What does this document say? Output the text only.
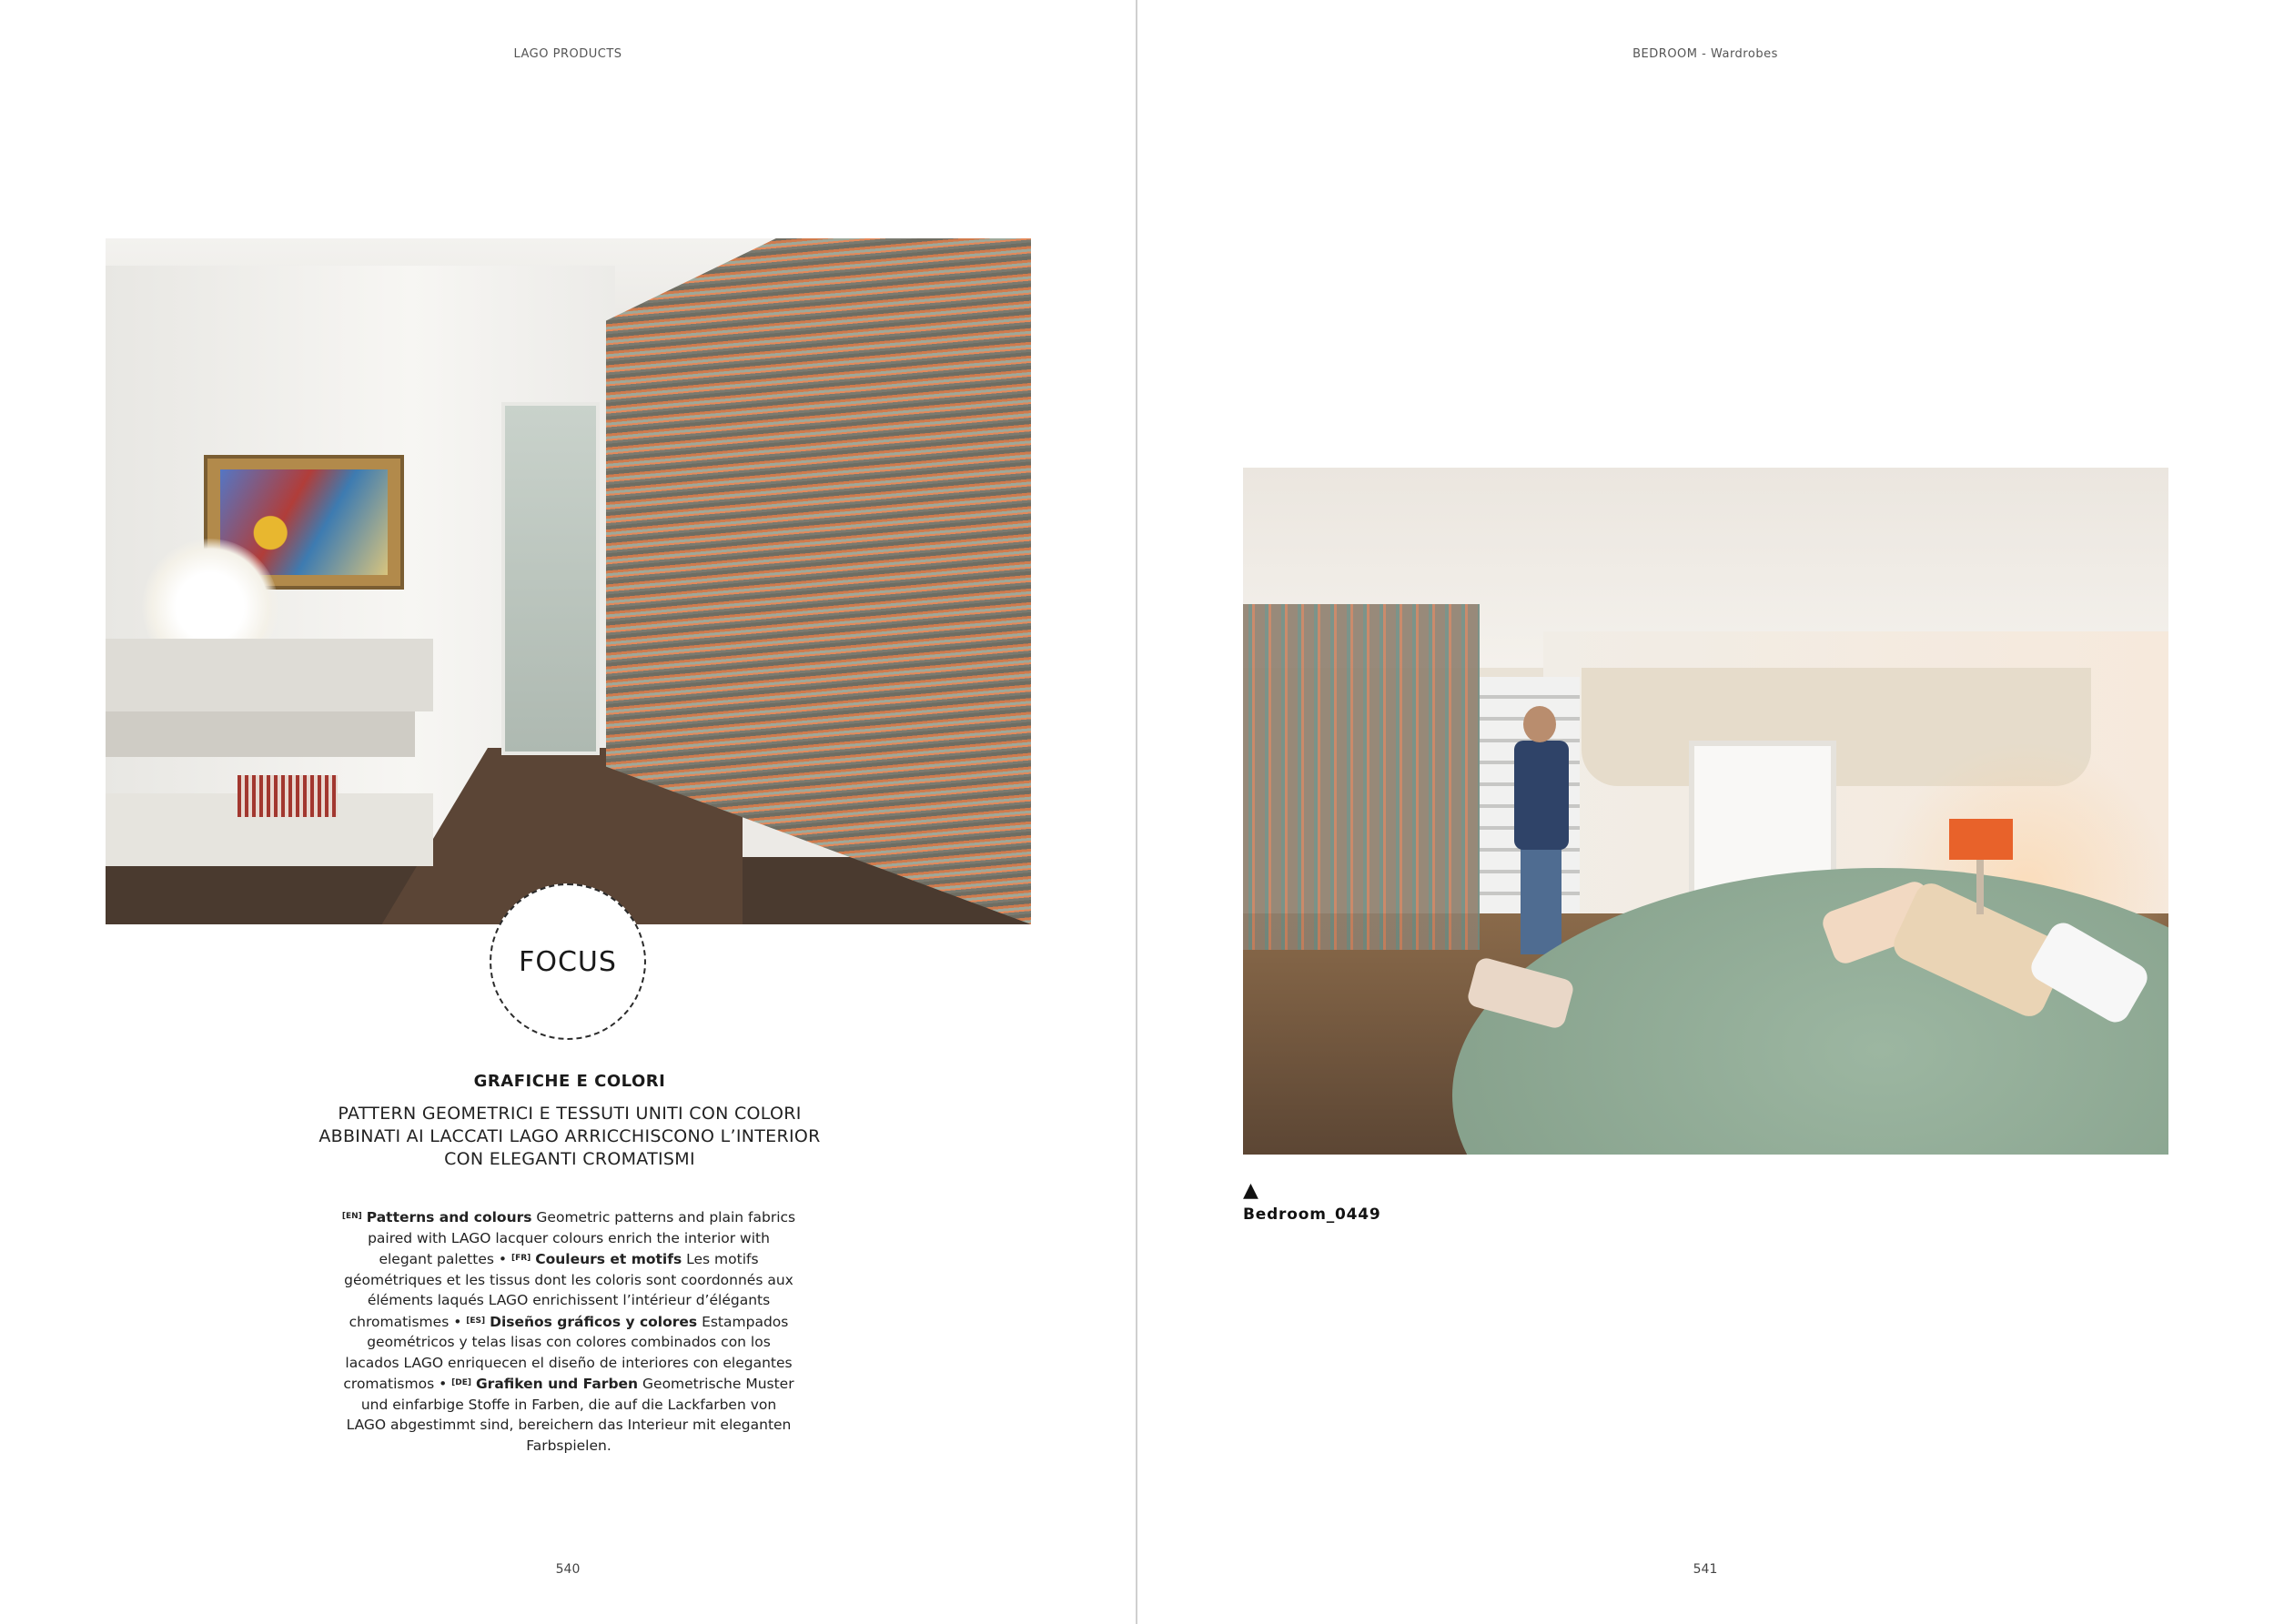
LAGO PRODUCTS
FOCUS
GRAFICHE E COLORI
PATTERN GEOMETRICI E TESSUTI UNITI CON COLORI
ABBINATI AI LACCATI LAGO ARRICCHISCONO L’INTERIOR
CON ELEGANTI CROMATISMI
[EN] Patterns and colours Geometric patterns and plain fabrics paired with LAGO lacquer colours enrich the interior with elegant palettes • [FR] Couleurs et motifs Les motifs géométriques et les tissus dont les coloris sont coordonnés aux éléments laqués LAGO enrichissent l’intérieur d’élégants chromatismes • [ES] Diseños gráficos y colores Estampados geométricos y telas lisas con colores combinados con los lacados LAGO enriquecen el diseño de interiores con elegantes cromatismos • [DE] Grafiken und Farben Geometrische Muster und einfarbige Stoffe in Farben, die auf die Lackfarben von LAGO abgestimmt sind, bereichern das Interieur mit eleganten Farbspielen.
540
BEDROOM - Wardrobes
▲
Bedroom_0449
541
